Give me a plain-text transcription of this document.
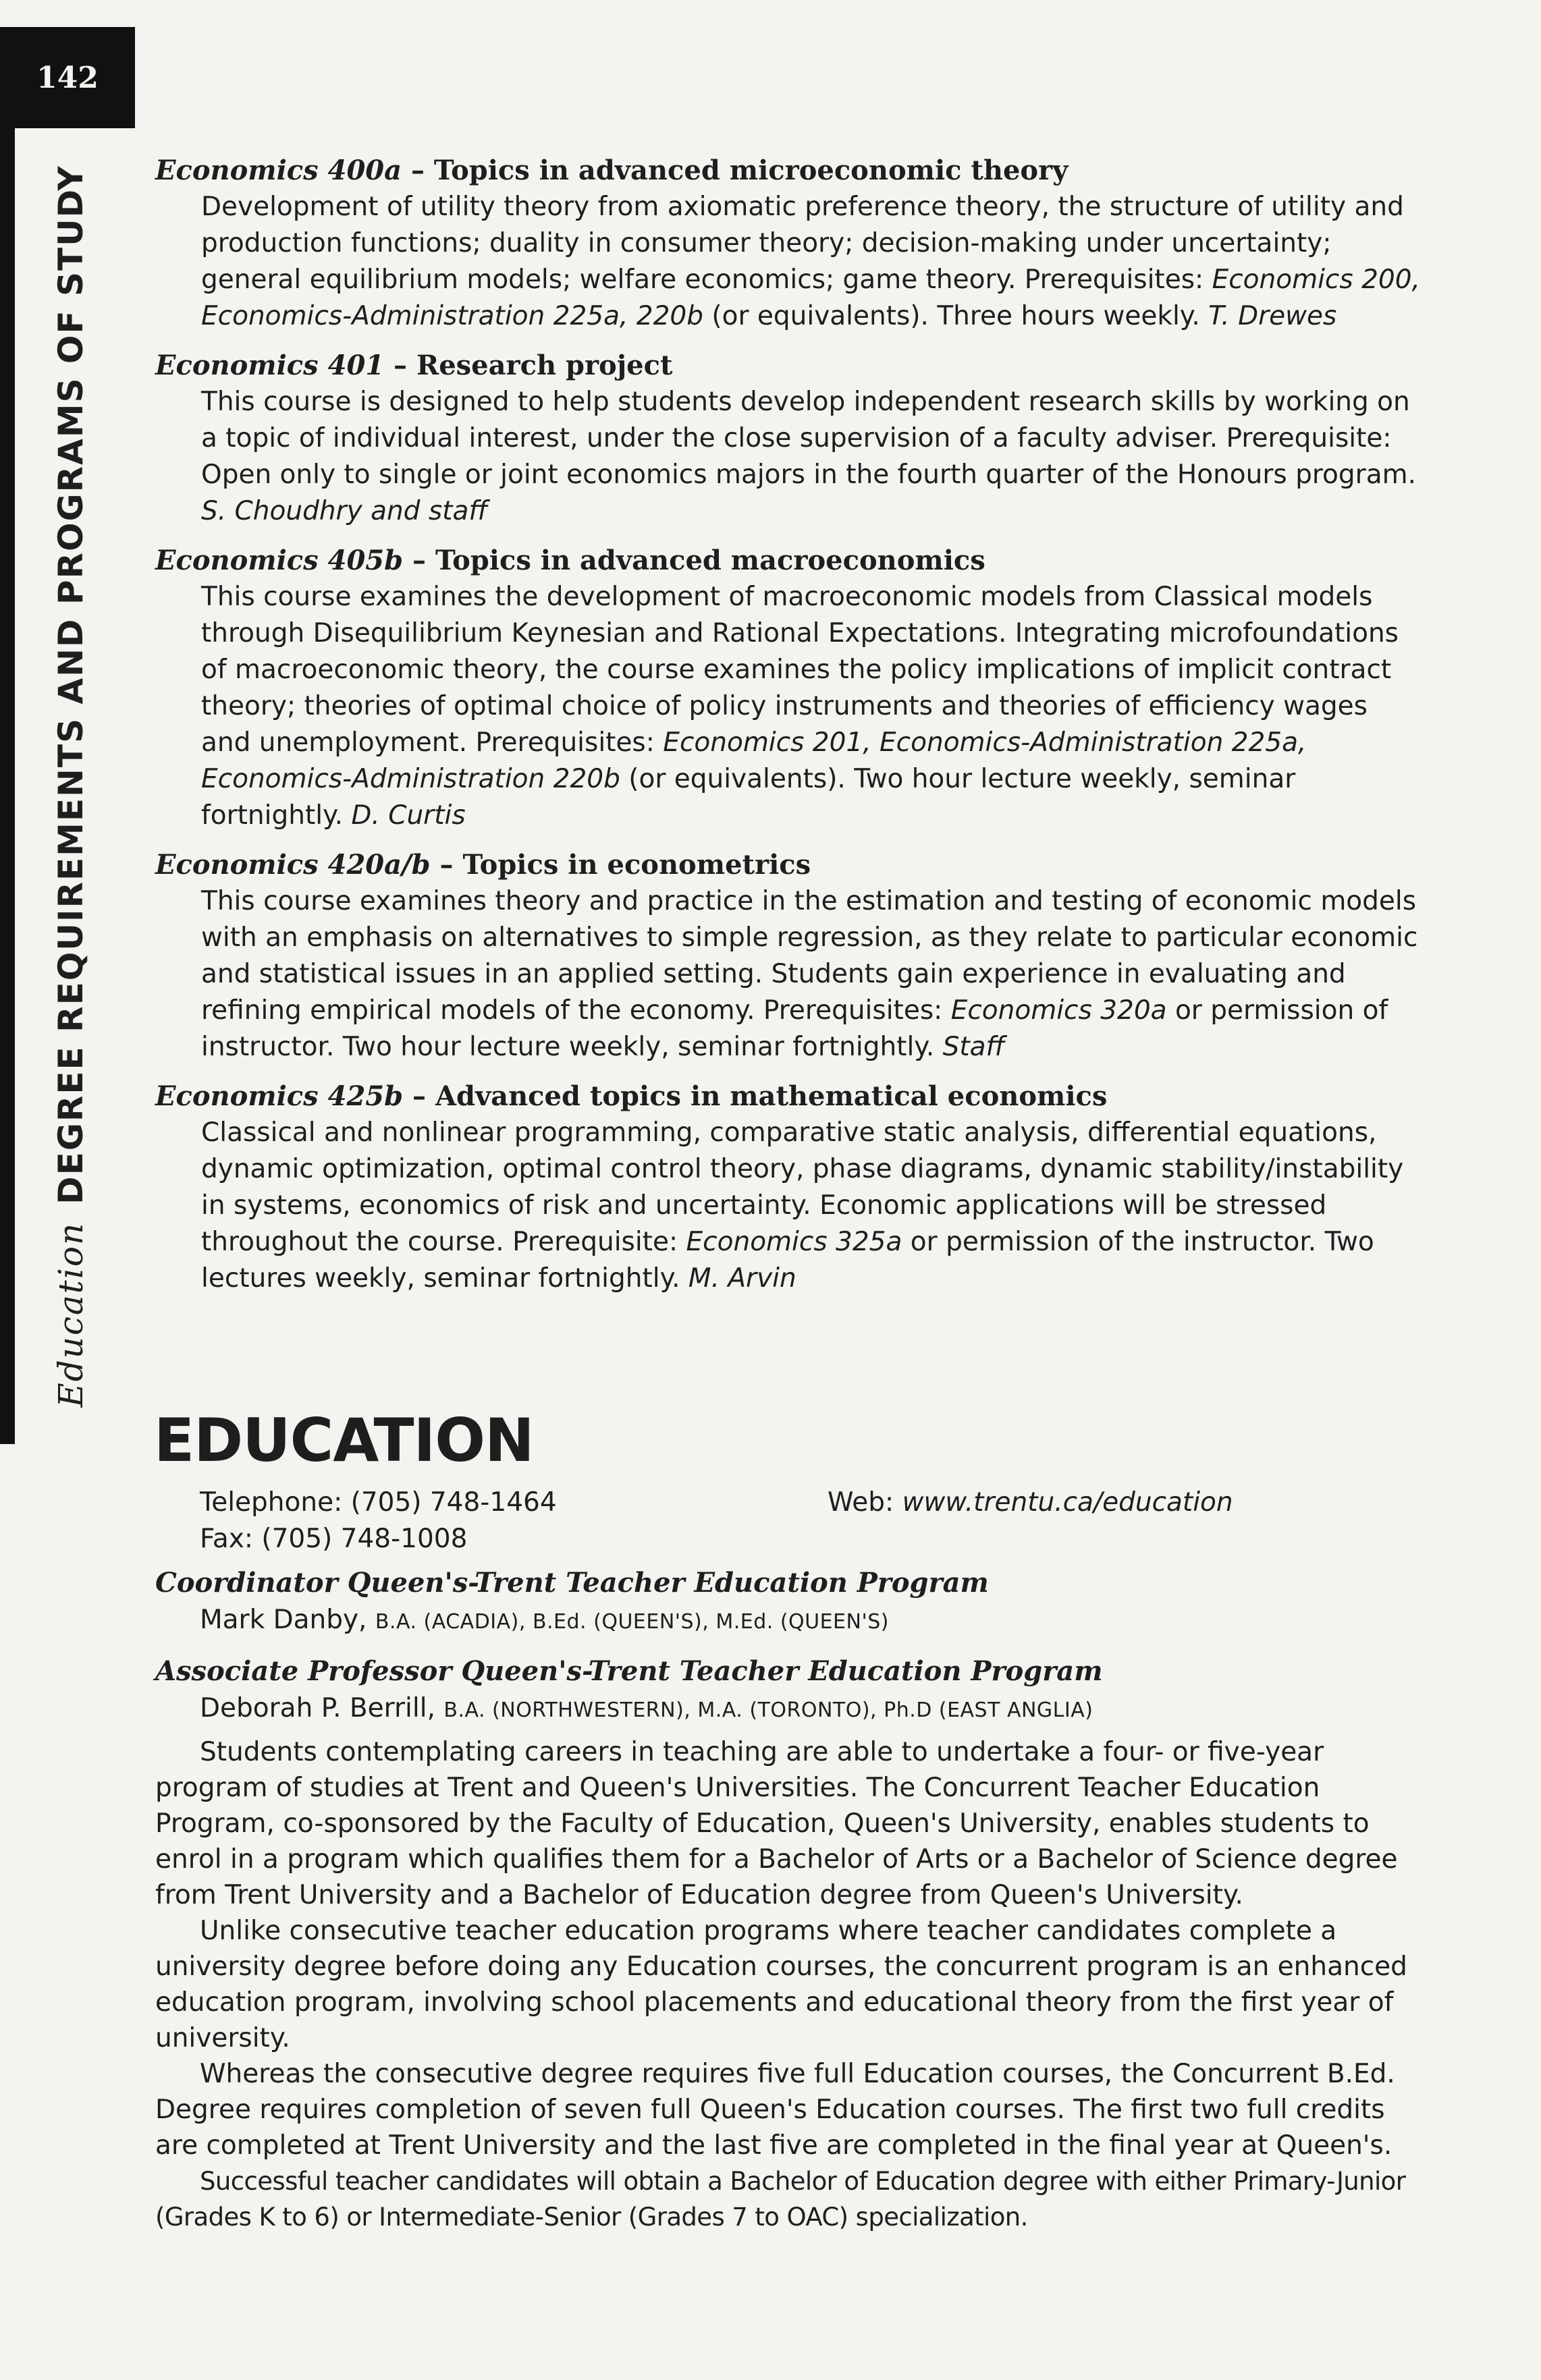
142
EducationDEGREE REQUIREMENTS AND PROGRAMS OF STUDY Economics 400a – Topics in advanced microeconomic theory
Development of utility theory from axiomatic preference theory, the structure of utility and production functions; duality in consumer theory; decision-making under uncertainty; general equilibrium models; welfare economics; game theory. Prerequisites: Economics 200, Economics-Administration 225a, 220b (or equivalents). Three hours weekly. T. Drewes
Economics 401 – Research project
This course is designed to help students develop independent research skills by working on a topic of individual interest, under the close supervision of a faculty adviser. Prerequisite: Open only to single or joint economics majors in the fourth quarter of the Honours program. S. Choudhry and staff
Economics 405b – Topics in advanced macroeconomics
This course examines the development of macroeconomic models from Classical models through Disequilibrium Keynesian and Rational Expectations. Integrating microfoundations of macroeconomic theory, the course examines the policy implications of implicit contract theory; theories of optimal choice of policy instruments and theories of efficiency wages and unemployment. Prerequisites: Economics 201, Economics-Administration 225a, Economics-Administration 220b (or equivalents). Two hour lecture weekly, seminar fortnightly. D. Curtis
Economics 420a/b – Topics in econometrics
This course examines theory and practice in the estimation and testing of economic models with an emphasis on alternatives to simple regression, as they relate to particular economic and statistical issues in an applied setting. Students gain experience in evaluating and refining empirical models of the economy. Prerequisites: Economics 320a or permission of instructor. Two hour lecture weekly, seminar fortnightly. Staff
Economics 425b – Advanced topics in mathematical economics
Classical and nonlinear programming, comparative static analysis, differential equations, dynamic optimization, optimal control theory, phase diagrams, dynamic stability/instability in systems, economics of risk and uncertainty. Economic applications will be stressed throughout the course. Prerequisite: Economics 325a or permission of the instructor. Two lectures weekly, seminar fortnightly. M. Arvin
EDUCATION
Telephone: (705) 748-1464	Web: www.trentu.ca/education
Fax: (705) 748-1008
Coordinator Queen's-Trent Teacher Education Program
Mark Danby, B.A. (ACADIA), B.Ed. (QUEEN'S), M.Ed. (QUEEN'S)
Associate Professor Queen's-Trent Teacher Education Program
Deborah P. Berrill, B.A. (NORTHWESTERN), M.A. (TORONTO), Ph.D (EAST ANGLIA)

Students contemplating careers in teaching are able to undertake a four- or five-year program of studies at Trent and Queen's Universities. The Concurrent Teacher Education Program, co-sponsored by the Faculty of Education, Queen's University, enables students to enrol in a program which qualifies them for a Bachelor of Arts or a Bachelor of Science degree from Trent University and a Bachelor of Education degree from Queen's University.

Unlike consecutive teacher education programs where teacher candidates complete a university degree before doing any Education courses, the concurrent program is an enhanced education program, involving school placements and educational theory from the first year of university.

Whereas the consecutive degree requires five full Education courses, the Concurrent B.Ed. Degree requires completion of seven full Queen's Education courses. The first two full credits are completed at Trent University and the last five are completed in the final year at Queen's.

Successful teacher candidates will obtain a Bachelor of Education degree with either Primary-Junior (Grades K to 6) or Intermediate-Senior (Grades 7 to OAC) specialization.
